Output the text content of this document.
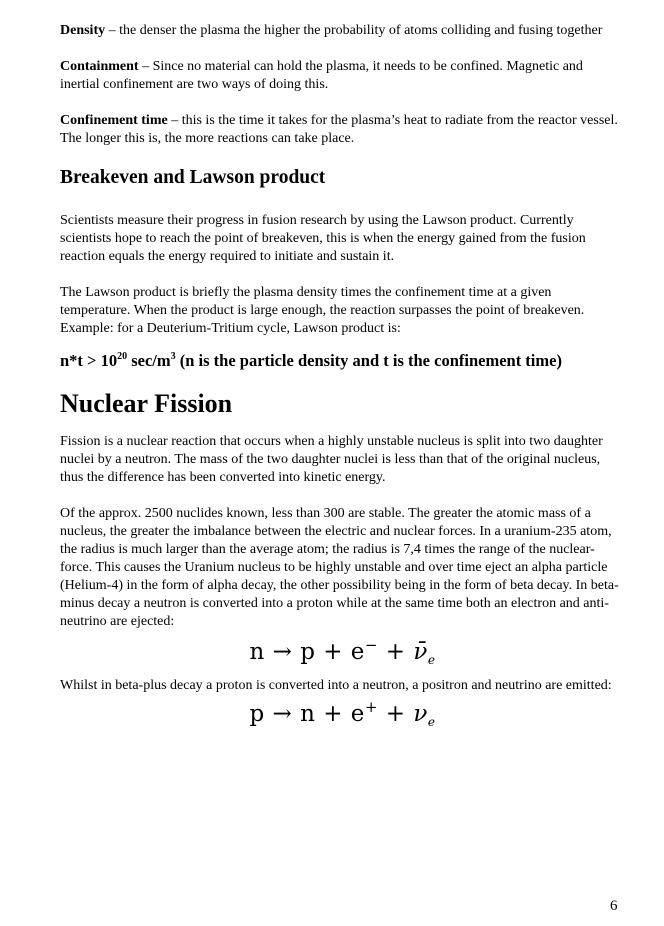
Density – the denser the plasma the higher the probability of atoms colliding and fusing together

Containment – Since no material can hold the plasma, it needs to be confined. Magnetic and inertial confinement are two ways of doing this.

Confinement time – this is the time it takes for the plasma’s heat to radiate from the reactor vessel. The longer this is, the more reactions can take place.

Breakeven and Lawson product

Scientists measure their progress in fusion research by using the Lawson product. Currently scientists hope to reach the point of breakeven, this is when the energy gained from the fusion reaction equals the energy required to initiate and sustain it.

The Lawson product is briefly the plasma density times the confinement time at a given temperature. When the product is large enough, the reaction surpasses the point of breakeven.

Example: for a Deuterium-Tritium cycle, Lawson product is:

$n*t > 10^{20}$ $\sec/m^3$ (n is the particle density and t is the confinement time)
Nuclear Fission

Fission is a nuclear reaction that occurs when a highly unstable nucleus is split into two daughter nuclei by a neutron. The mass of the two daughter nuclei is less than that of the original nucleus, thus the difference has been converted into kinetic energy.

Of the approx. 2500 nuclides known, less than 300 are stable. The greater the atomic mass of a nucleus, the greater the imbalance between the electric and nuclear forces. In a uranium-235 atom, the radius is much larger than the average atom; the radius is 7,4 times the range of the nuclear-force. This causes the Uranium nucleus to be highly unstable and over time eject an alpha particle (Helium-4) in the form of alpha decay, the other possibility being in the form of beta decay. In beta-minus decay a neutron is converted into a proton while at the same time both an electron and anti-neutrino are ejected:

$n \to p + e^- + \nū_e$

Whilst in beta-plus decay a proton is converted into a neutron, a positron and neutrino are emitted:

$p \to n + e^+ + \nu_e$
6
